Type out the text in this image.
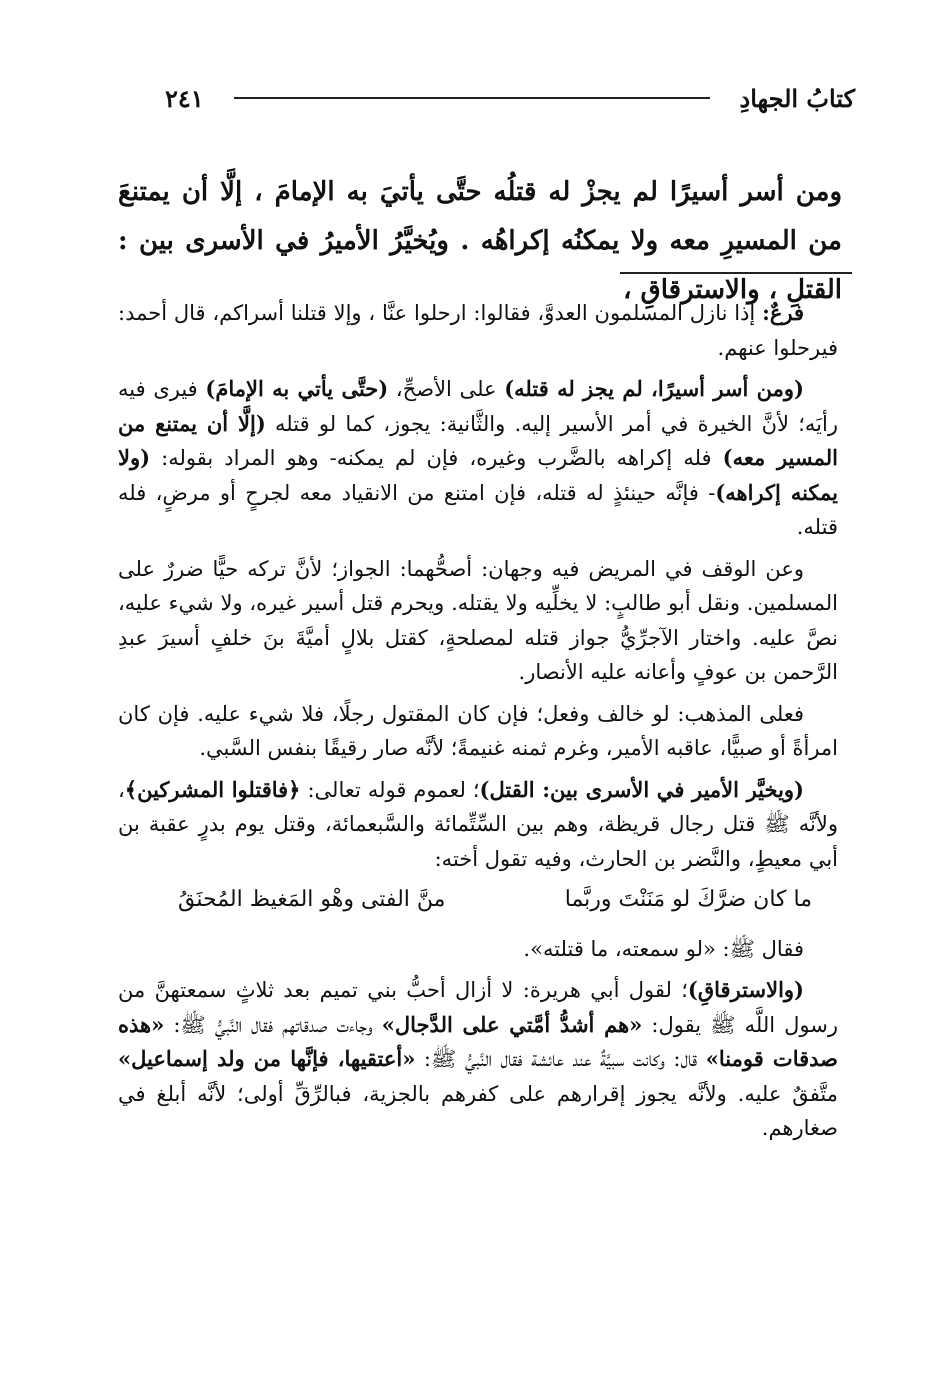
كتابُ الجهادِ
٢٤١
ومن أسر أسيرًا لم يجزْ له قتلُه حتَّى يأتيَ به الإمامَ ، إلَّا أن يمتنعَ من المسيرِ معه ولا يمكنُه إكراهُه . ويُخيَّرُ الأميرُ في الأسرى بين : القتلِ ، والاسترقاقِ ،

فرعٌ: إذا نازل المسلمون العدوَّ، فقالوا: ارحلوا عنَّا ، وإلا قتلنا أسراكم، قال أحمد: فيرحلوا عنهم.

(ومن أسر أسيرًا، لم يجز له قتله) على الأصحِّ، (حتَّى يأتي به الإمامَ) فيرى فيه رأيَه؛ لأنَّ الخيرة في أمر الأسير إليه. والثَّانية: يجوز، كما لو قتله (إلَّا أن يمتنع من المسير معه) فله إكراهه بالضَّرب وغيره، فإن لم يمكنه- وهو المراد بقوله: (ولا يمكنه إكراهه)- فإنَّه حينئذٍ له قتله، فإن امتنع من الانقياد معه لجرحٍ أو مرضٍ، فله قتله.

وعن الوقف في المريض فيه وجهان: أصحُّهما: الجواز؛ لأنَّ تركه حيًّا ضررٌ على المسلمين. ونقل أبو طالبٍ: لا يخلِّيه ولا يقتله. ويحرم قتل أسير غيره، ولا شيء عليه، نصَّ عليه. واختار الآجرِّيُّ جواز قتله لمصلحةٍ، كقتل بلالٍ أميَّةَ بنَ خلفٍ أسيرَ عبدِ الرَّحمن بن عوفٍ وأعانه عليه الأنصار.

فعلى المذهب: لو خالف وفعل؛ فإن كان المقتول رجلًا، فلا شيء عليه. فإن كان امرأةً أو صبيًّا، عاقبه الأمير، وغرم ثمنه غنيمةً؛ لأنَّه صار رقيقًا بنفس السَّبي.

(ويخيَّر الأمير في الأسرى بين: القتل)؛ لعموم قوله تعالى: ﴿فاقتلوا المشركين﴾، ولأنَّه ﷺ قتل رجال قريظة، وهم بين السِّتِّمائة والسَّبعمائة، وقتل يوم بدرٍ عقبة بن أبي معيطٍ، والنَّضر بن الحارث، وفيه تقول أخته:

ما كان ضرَّكَ لو مَنَنْتَ وربَّما
منَّ الفتى وهْو المَغيظ المُحنَقُ

فقال ﷺ: «لو سمعته، ما قتلته».

(والاسترقاقِ)؛ لقول أبي هريرة: لا أزال أحبُّ بني تميم بعد ثلاثٍ سمعتهنَّ من رسول اللَّه ﷺ يقول: «هم أشدُّ أمَّتي على الدَّجال» وجاءت صدقاتهم فقال النَّبيُّ ﷺ: «هذه صدقات قومنا» قال: وكانت سبيَّةٌ عند عائشة فقال النَّبيُّ ﷺ: «أعتقيها، فإنَّها من ولد إسماعيل» متَّفقٌ عليه. ولأنَّه يجوز إقرارهم على كفرهم بالجزية، فبالرِّقِّ أولى؛ لأنَّه أبلغ في صغارهم.
